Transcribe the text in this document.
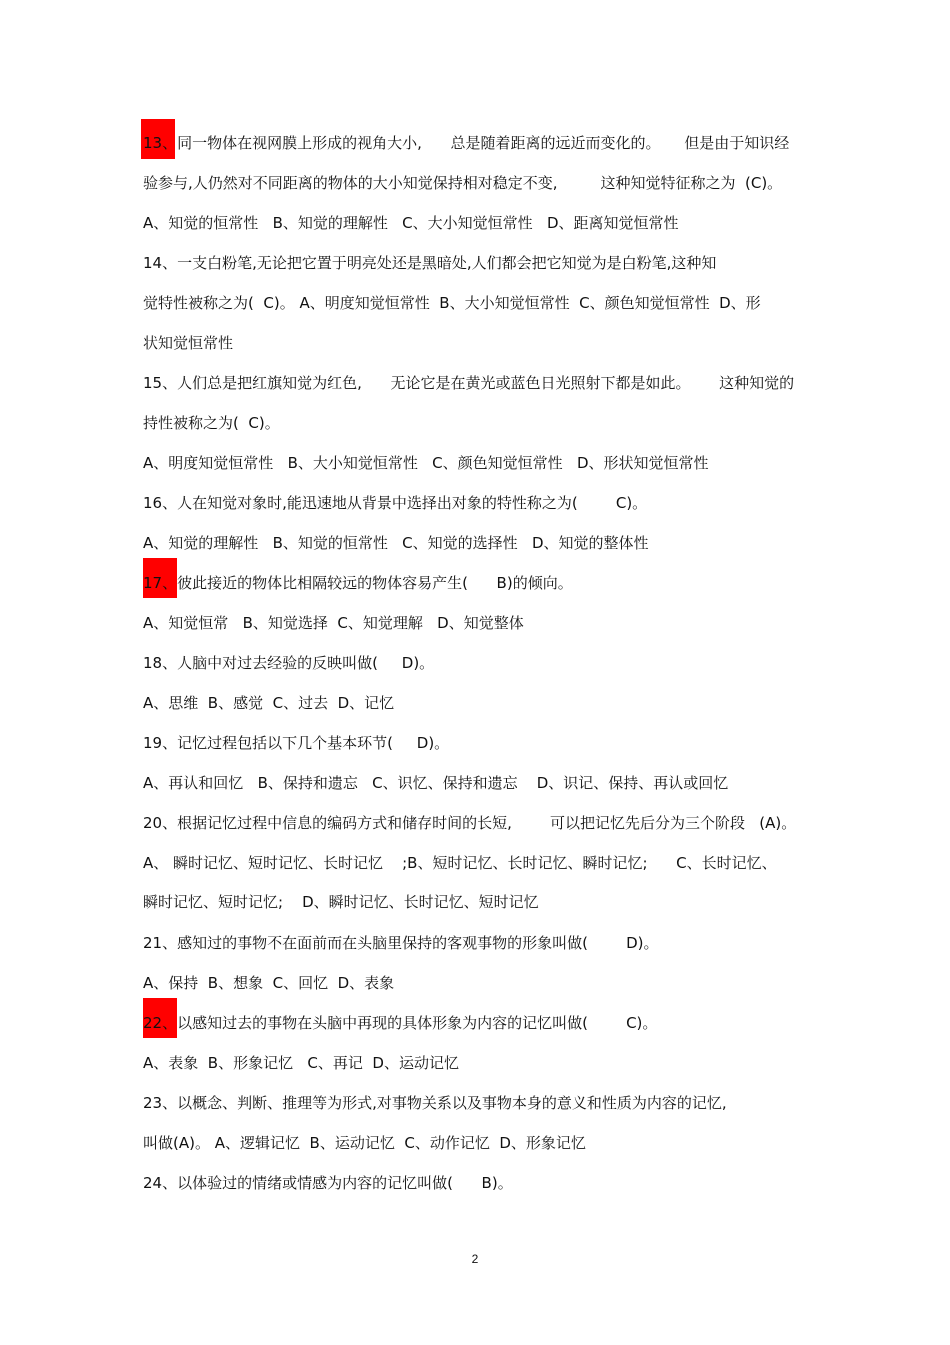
13、同一物体在视网膜上形成的视角大小,      总是随着距离的远近而变化的。     但是由于知识经
验参与,人仍然对不同距离的物体的大小知觉保持相对稳定不变,         这种知觉特征称之为  (C)。
A、知觉的恒常性   B、知觉的理解性   C、大小知觉恒常性   D、距离知觉恒常性
14、一支白粉笔,无论把它置于明亮处还是黑暗处,人们都会把它知觉为是白粉笔,这种知
觉特性被称之为(  C)。 A、明度知觉恒常性  B、大小知觉恒常性  C、颜色知觉恒常性  D、形
状知觉恒常性
15、人们总是把红旗知觉为红色,      无论它是在黄光或蓝色日光照射下都是如此。      这种知觉的
持性被称之为(  C)。
A、明度知觉恒常性   B、大小知觉恒常性   C、颜色知觉恒常性   D、形状知觉恒常性
16、人在知觉对象时,能迅速地从背景中选择出对象的特性称之为(        C)。
A、知觉的理解性   B、知觉的恒常性   C、知觉的选择性   D、知觉的整体性
17、彼此接近的物体比相隔较远的物体容易产生(      B)的倾向。
A、知觉恒常   B、知觉选择  C、知觉理解   D、知觉整体
18、人脑中对过去经验的反映叫做(     D)。
A、思维  B、感觉  C、过去  D、记忆
19、记忆过程包括以下几个基本环节(     D)。
A、再认和回忆   B、保持和遗忘   C、识忆、保持和遗忘    D、识记、保持、再认或回忆
20、根据记忆过程中信息的编码方式和储存时间的长短,        可以把记忆先后分为三个阶段   (A)。
A、 瞬时记忆、短时记忆、长时记忆    ;B、短时记忆、长时记忆、瞬时记忆;      C、长时记忆、
瞬时记忆、短时记忆;    D、瞬时记忆、长时记忆、短时记忆
21、感知过的事物不在面前而在头脑里保持的客观事物的形象叫做(        D)。
A、保持  B、想象  C、回忆  D、表象
22、以感知过去的事物在头脑中再现的具体形象为内容的记忆叫做(        C)。
A、表象  B、形象记忆   C、再记  D、运动记忆
23、以概念、判断、推理等为形式,对事物关系以及事物本身的意义和性质为内容的记忆,
叫做(A)。 A、逻辑记忆  B、运动记忆  C、动作记忆  D、形象记忆
24、以体验过的情绪或情感为内容的记忆叫做(      B)。
2
